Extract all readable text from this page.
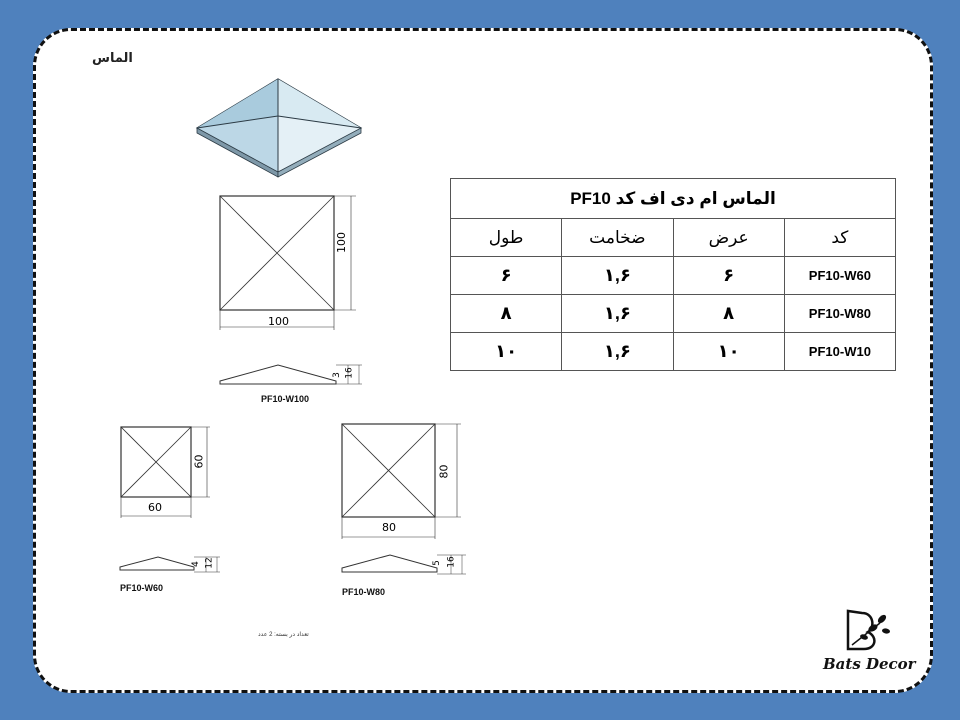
الماس
100
100
3 16
PF10-W100
60
60
4 12
PF10-W60
80
80
5 16
PF10-W80
تعداد در بسته: 2 عدد
الماس ام دی اف کد PF10			
طول	ضخامت	عرض	کد
۶	۱,۶	۶	PF10-W60
۸	۱,۶	۸	PF10-W80
۱۰	۱,۶	۱۰	PF10-W10
Bats Decor
